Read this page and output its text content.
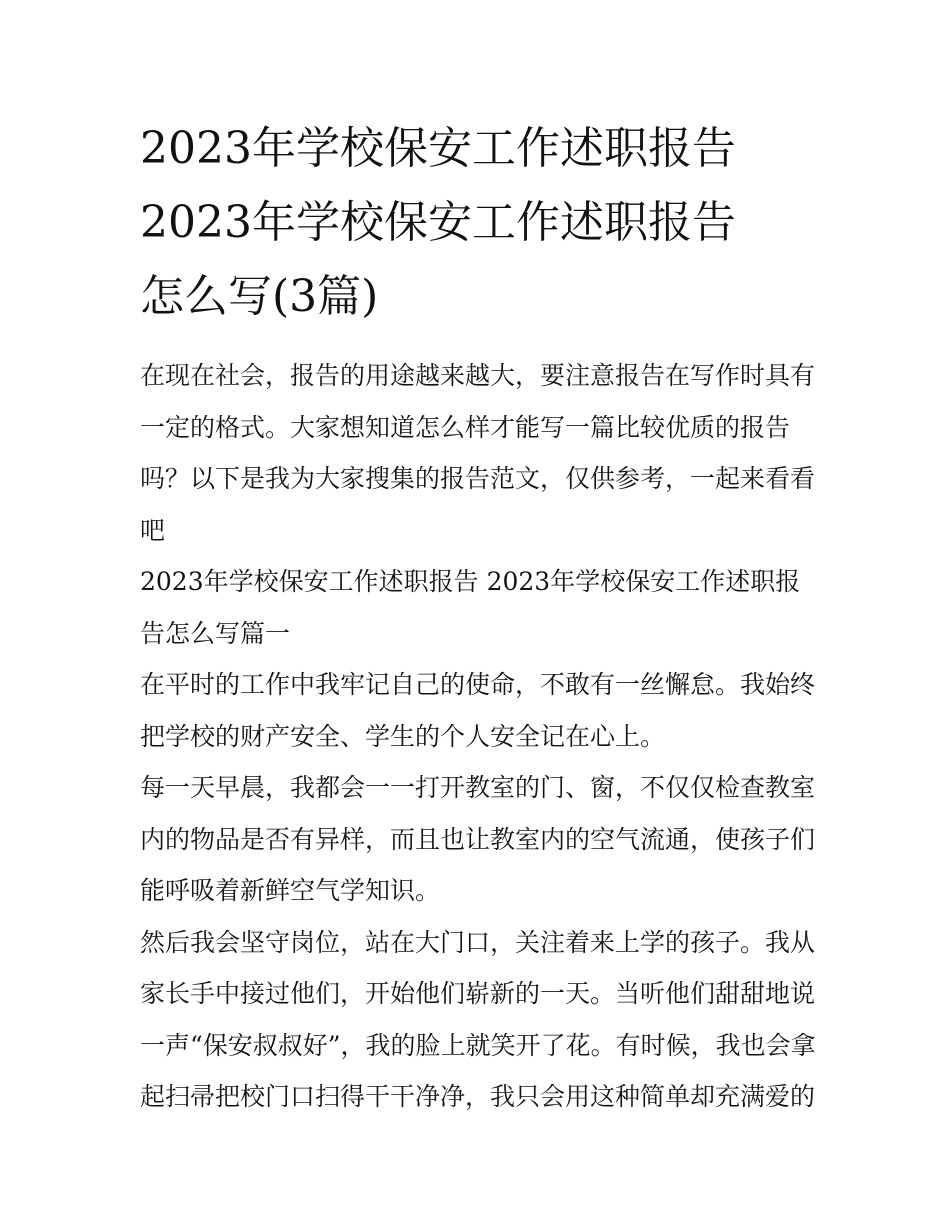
2023年学校保安工作述职报告
2023年学校保安工作述职报告
怎么写(3篇)

在现在社会，报告的用途越来越大，要注意报告在写作时具有一定的格式。大家想知道怎么样才能写一篇比较优质的报告吗？以下是我为大家搜集的报告范文，仅供参考，一起来看看吧

2023年学校保安工作述职报告 2023年学校保安工作述职报告怎么写篇一

在平时的工作中我牢记自己的使命，不敢有一丝懈怠。我始终把学校的财产安全、学生的个人安全记在心上。

每一天早晨，我都会一一打开教室的门、窗，不仅仅检查教室内的物品是否有异样，而且也让教室内的空气流通，使孩子们能呼吸着新鲜空气学知识。

然后我会坚守岗位，站在大门口，关注着来上学的孩子。我从家长手中接过他们，开始他们崭新的一天。当听他们甜甜地说一声“保安叔叔好”，我的脸上就笑开了花。有时候，我也会拿起扫帚把校门口扫得干干净净，我只会用这种简单却充满爱的
